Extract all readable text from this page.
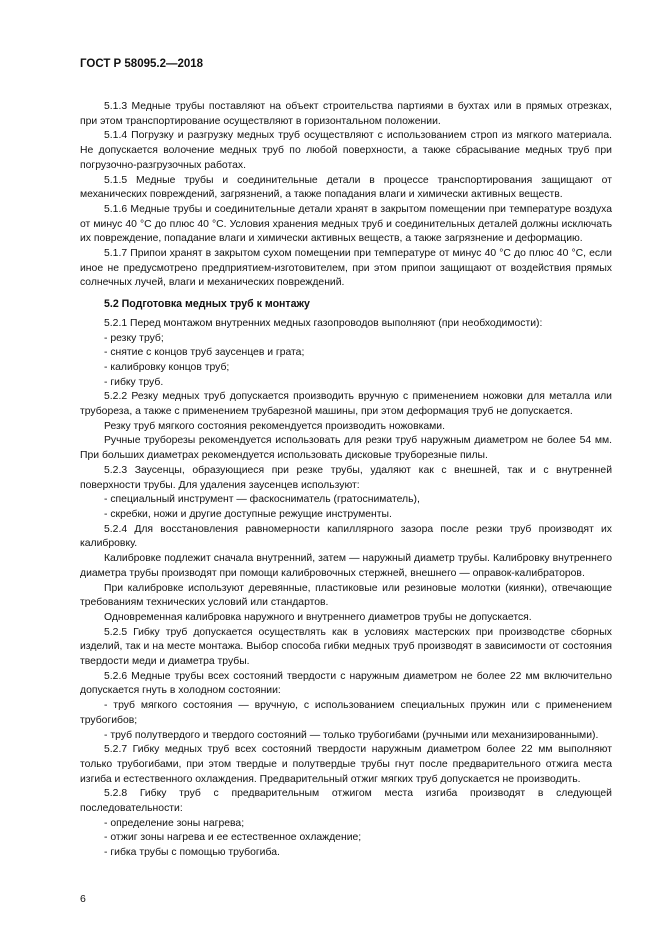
ГОСТ Р 58095.2—2018

5.1.3 Медные трубы поставляют на объект строительства партиями в бухтах или в прямых отрезках, при этом транспортирование осуществляют в горизонтальном положении.

5.1.4 Погрузку и разгрузку медных труб осуществляют с использованием строп из мягкого материала. Не допускается волочение медных труб по любой поверхности, а также сбрасывание медных труб при погрузочно-разгрузочных работах.

5.1.5 Медные трубы и соединительные детали в процессе транспортирования защищают от механических повреждений, загрязнений, а также попадания влаги и химически активных веществ.

5.1.6 Медные трубы и соединительные детали хранят в закрытом помещении при температуре воздуха от минус 40 °С до плюс 40 °С. Условия хранения медных труб и соединительных деталей должны исключать их повреждение, попадание влаги и химически активных веществ, а также загрязнение и деформацию.

5.1.7 Припои хранят в закрытом сухом помещении при температуре от минус 40 °С до плюс 40 °С, если иное не предусмотрено предприятием-изготовителем, при этом припои защищают от воздействия прямых солнечных лучей, влаги и механических повреждений.

5.2 Подготовка медных труб к монтажу

5.2.1 Перед монтажом внутренних медных газопроводов выполняют (при необходимости):

- резку труб;

- снятие с концов труб заусенцев и грата;

- калибровку концов труб;

- гибку труб.

5.2.2 Резку медных труб допускается производить вручную с применением ножовки для металла или трубореза, а также с применением трубарезной машины, при этом деформация труб не допускается.

Резку труб мягкого состояния рекомендуется производить ножовками.

Ручные труборезы рекомендуется использовать для резки труб наружным диаметром не более 54 мм. При больших диаметрах рекомендуется использовать дисковые труборезные пилы.

5.2.3 Заусенцы, образующиеся при резке трубы, удаляют как с внешней, так и с внутренней поверхности трубы. Для удаления заусенцев используют:

- специальный инструмент — фаскосниматель (гратосниматель),

- скребки, ножи и другие доступные режущие инструменты.

5.2.4 Для восстановления равномерности капиллярного зазора после резки труб производят их калибровку.

Калибровке подлежит сначала внутренний, затем — наружный диаметр трубы. Калибровку внутреннего диаметра трубы производят при помощи калибровочных стержней, внешнего — оправок-калибраторов.

При калибровке используют деревянные, пластиковые или резиновые молотки (киянки), отвечающие требованиям технических условий или стандартов.

Одновременная калибровка наружного и внутреннего диаметров трубы не допускается.

5.2.5 Гибку труб допускается осуществлять как в условиях мастерских при производстве сборных изделий, так и на месте монтажа. Выбор способа гибки медных труб производят в зависимости от состояния твердости меди и диаметра трубы.

5.2.6 Медные трубы всех состояний твердости с наружным диаметром не более 22 мм включительно допускается гнуть в холодном состоянии:

- труб мягкого состояния — вручную, с использованием специальных пружин или с применением трубогибов;

- труб полутвердого и твердого состояний — только трубогибами (ручными или механизированными).

5.2.7 Гибку медных труб всех состояний твердости наружным диаметром более 22 мм выполняют только трубогибами, при этом твердые и полутвердые трубы гнут после предварительного отжига места изгиба и естественного охлаждения. Предварительный отжиг мягких труб допускается не производить.

5.2.8 Гибку труб с предварительным отжигом места изгиба производят в следующей последовательности:

- определение зоны нагрева;

- отжиг зоны нагрева и ее естественное охлаждение;

- гибка трубы с помощью трубогиба.

6
